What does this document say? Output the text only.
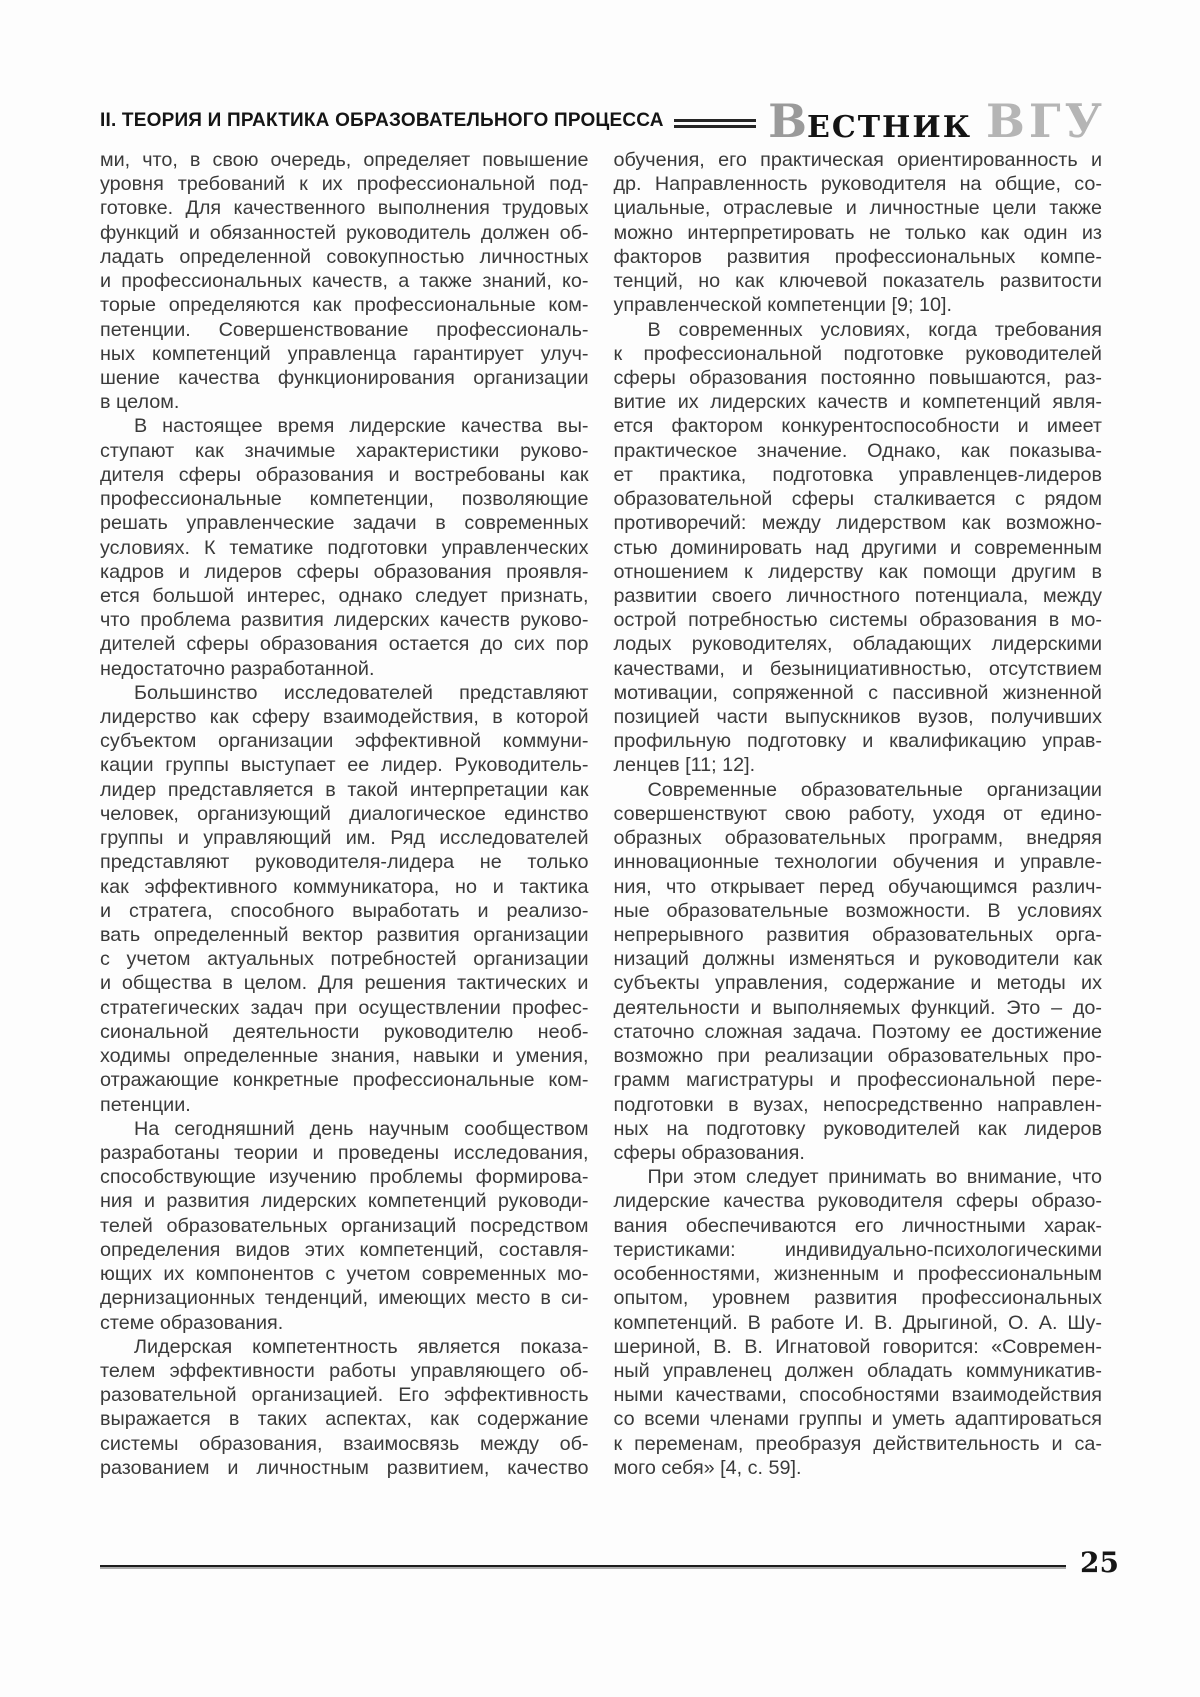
II. ТЕОРИЯ И ПРАКТИКА ОБРАЗОВАТЕЛЬНОГО ПРОЦЕССА В ЕСТНИК ВГУ
ми, что, в свою очередь, определяет повышение
уровня требований к их профессиональной под-
готовке. Для качественного выполнения трудовых
функций и обязанностей руководитель должен об-
ладать определенной совокупностью личностных
и профессиональных качеств, а также знаний, ко-
торые определяются как профессиональные ком-
петенции. Совершенствование профессиональ-
ных компетенций управленца гарантирует улуч-
шение качества функционирования организации
в целом.
В настоящее время лидерские качества вы-
ступают как значимые характеристики руково-
дителя сферы образования и востребованы как
профессиональные компетенции, позволяющие
решать управленческие задачи в современных
условиях. К тематике подготовки управленческих
кадров и лидеров сферы образования проявля-
ется большой интерес, однако следует признать,
что проблема развития лидерских качеств руково-
дителей сферы образования остается до сих пор
недостаточно разработанной.
Большинство исследователей представляют
лидерство как сферу взаимодействия, в которой
субъектом организации эффективной коммуни-
кации группы выступает ее лидер. Руководитель-
лидер представляется в такой интерпретации как
человек, организующий диалогическое единство
группы и управляющий им. Ряд исследователей
представляют руководителя-лидера не только
как эффективного коммуникатора, но и тактика
и стратега, способного выработать и реализо-
вать определенный вектор развития организации
с учетом актуальных потребностей организации
и общества в целом. Для решения тактических и
стратегических задач при осуществлении профес-
сиональной деятельности руководителю необ-
ходимы определенные знания, навыки и умения,
отражающие конкретные профессиональные ком-
петенции.
На сегодняшний день научным сообществом
разработаны теории и проведены исследования,
способствующие изучению проблемы формирова-
ния и развития лидерских компетенций руководи-
телей образовательных организаций посредством
определения видов этих компетенций, составля-
ющих их компонентов с учетом современных мо-
дернизационных тенденций, имеющих место в си-
стеме образования.
Лидерская компетентность является показа-
телем эффективности работы управляющего об-
разовательной организацией. Его эффективность
выражается в таких аспектах, как содержание
системы образования, взаимосвязь между об-
разованием и личностным развитием, качество
обучения, его практическая ориентированность и
др. Направленность руководителя на общие, со-
циальные, отраслевые и личностные цели также
можно интерпретировать не только как один из
факторов развития профессиональных компе-
тенций, но как ключевой показатель развитости
управленческой компетенции [9; 10].
В современных условиях, когда требования
к профессиональной подготовке руководителей
сферы образования постоянно повышаются, раз-
витие их лидерских качеств и компетенций явля-
ется фактором конкурентоспособности и имеет
практическое значение. Однако, как показыва-
ет практика, подготовка управленцев-лидеров
образовательной сферы сталкивается с рядом
противоречий: между лидерством как возможно-
стью доминировать над другими и современным
отношением к лидерству как помощи другим в
развитии своего личностного потенциала, между
острой потребностью системы образования в мо-
лодых руководителях, обладающих лидерскими
качествами, и безынициативностью, отсутствием
мотивации, сопряженной с пассивной жизненной
позицией части выпускников вузов, получивших
профильную подготовку и квалификацию управ-
ленцев [11; 12].
Современные образовательные организации
совершенствуют свою работу, уходя от едино-
образных образовательных программ, внедряя
инновационные технологии обучения и управле-
ния, что открывает перед обучающимся различ-
ные образовательные возможности. В условиях
непрерывного развития образовательных орга-
низаций должны изменяться и руководители как
субъекты управления, содержание и методы их
деятельности и выполняемых функций. Это – до-
статочно сложная задача. Поэтому ее достижение
возможно при реализации образовательных про-
грамм магистратуры и профессиональной пере-
подготовки в вузах, непосредственно направлен-
ных на подготовку руководителей как лидеров
сферы образования.
При этом следует принимать во внимание, что
лидерские качества руководителя сферы образо-
вания обеспечиваются его личностными харак-
теристиками: индивидуально-психологическими
особенностями, жизненным и профессиональным
опытом, уровнем развития профессиональных
компетенций. В работе И. В. Дрыгиной, О. А. Шу-
шериной, В. В. Игнатовой говорится: «Современ-
ный управленец должен обладать коммуникатив-
ными качествами, способностями взаимодействия
со всеми членами группы и уметь адаптироваться
к переменам, преобразуя действительность и са-
мого себя» [4, с. 59].
25
